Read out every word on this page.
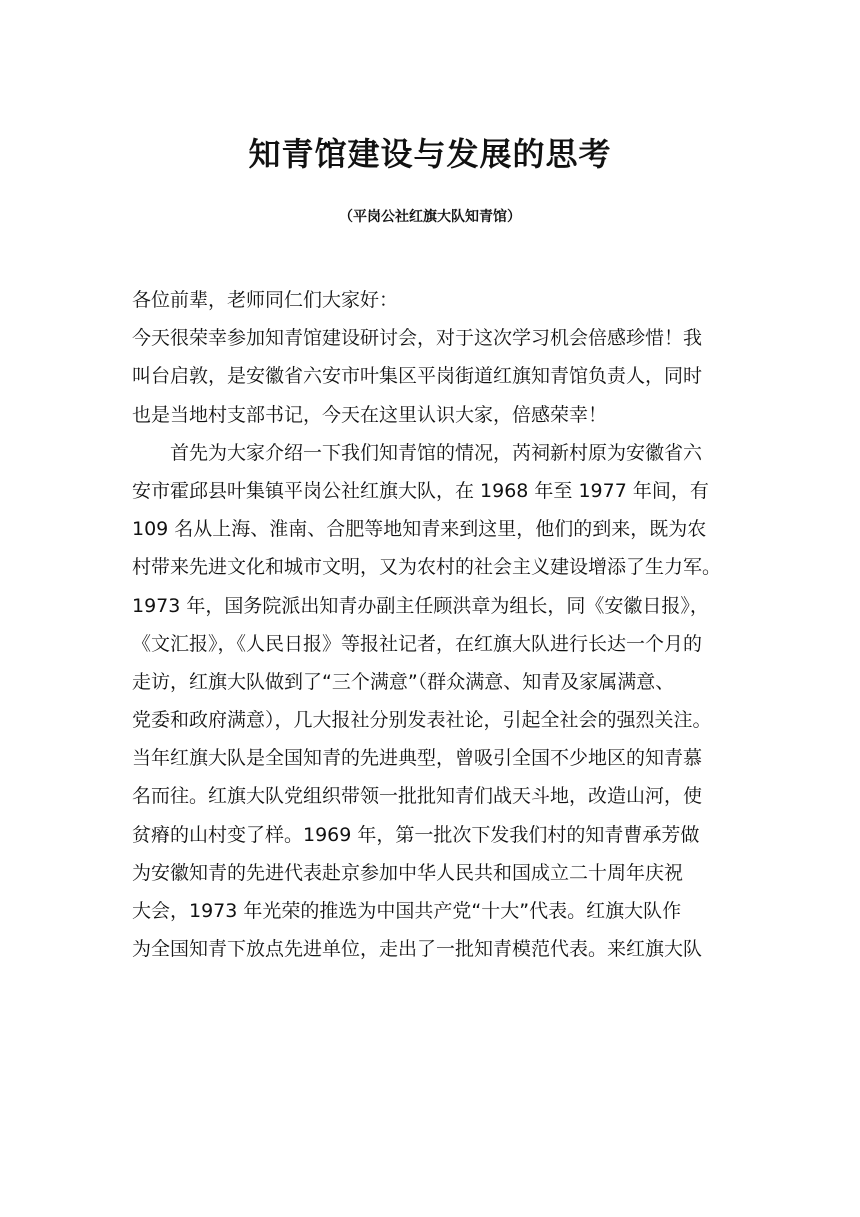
知青馆建设与发展的思考
（平岗公社红旗大队知青馆）
各位前辈，老师同仁们大家好：
今天很荣幸参加知青馆建设研讨会，对于这次学习机会倍感珍惜！我
叫台启敦，是安徽省六安市叶集区平岗街道红旗知青馆负责人，同时
也是当地村支部书记，今天在这里认识大家，倍感荣幸！
首先为大家介绍一下我们知青馆的情况，芮祠新村原为安徽省六
安市霍邱县叶集镇平岗公社红旗大队，在 1968 年至 1977 年间，有
109 名从上海、淮南、合肥等地知青来到这里，他们的到来，既为农
村带来先进文化和城市文明，又为农村的社会主义建设增添了生力军。
1973 年，国务院派出知青办副主任顾洪章为组长，同《安徽日报》，
《文汇报》，《人民日报》等报社记者，在红旗大队进行长达一个月的
走访，红旗大队做到了“三个满意”（群众满意、知青及家属满意、
党委和政府满意），几大报社分别发表社论，引起全社会的强烈关注。
当年红旗大队是全国知青的先进典型，曾吸引全国不少地区的知青慕
名而往。红旗大队党组织带领一批批知青们战天斗地，改造山河，使
贫瘠的山村变了样。1969 年，第一批次下发我们村的知青曹承芳做
为安徽知青的先进代表赴京参加中华人民共和国成立二十周年庆祝
大会，1973 年光荣的推选为中国共产党“十大”代表。红旗大队作
为全国知青下放点先进单位，走出了一批知青模范代表。来红旗大队
